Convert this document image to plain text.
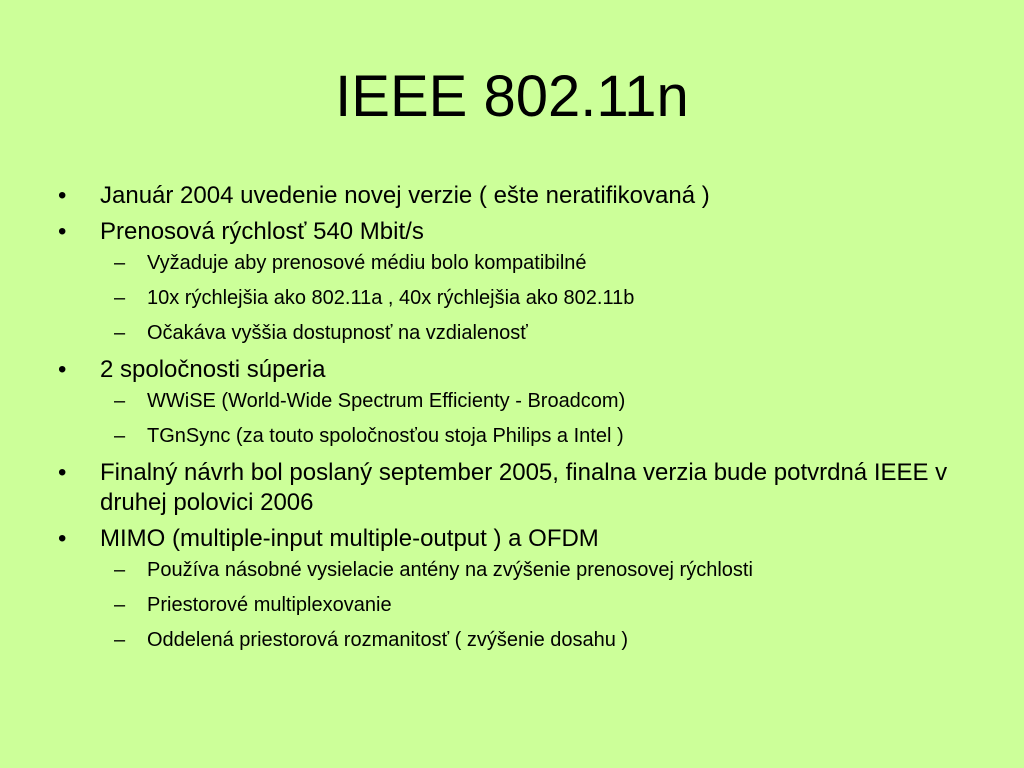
IEEE 802.11n
•	Január 2004 uvedenie novej verzie ( ešte neratifikovaná )
•	Prenosová rýchlosť 540 Mbit/s
– Vyžaduje aby prenosové médiu bolo kompatibilné
– 10x rýchlejšia ako 802.11a , 40x rýchlejšia ako 802.11b
– Očakáva vyššia dostupnosť na vzdialenosť
•	2 spoločnosti súperia
– WWiSE (World-Wide Spectrum Efficienty - Broadcom)
– TGnSync (za touto spoločnosťou stoja Philips a Intel )
•	Finalný návrh bol poslaný september 2005, finalna verzia bude potvrdná IEEE v druhej polovici 2006
•	MIMO (multiple-input multiple-output ) a OFDM
– Používa násobné vysielacie antény na zvýšenie prenosovej rýchlosti
– Priestorové multiplexovanie
– Oddelená priestorová rozmanitosť ( zvýšenie dosahu )
